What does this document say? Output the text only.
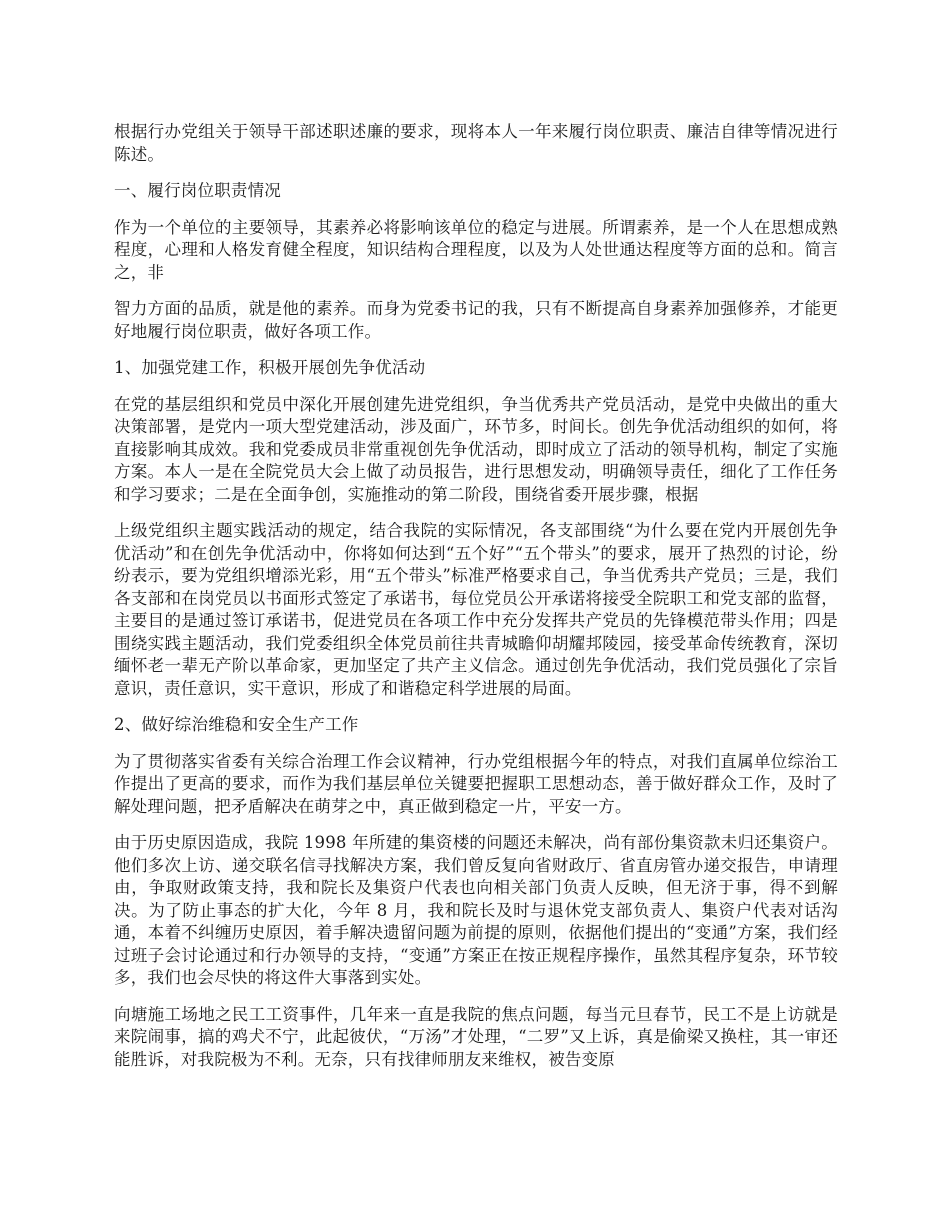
根据行办党组关于领导干部述职述廉的要求，现将本人一年来履行岗位职责、廉洁自律等情况进行陈述。

一、履行岗位职责情况

作为一个单位的主要领导，其素养必将影响该单位的稳定与进展。所谓素养，是一个人在思想成熟程度，心理和人格发育健全程度，知识结构合理程度，以及为人处世通达程度等方面的总和。简言之，非

智力方面的品质，就是他的素养。而身为党委书记的我，只有不断提高自身素养加强修养，才能更好地履行岗位职责，做好各项工作。

1、加强党建工作，积极开展创先争优活动

在党的基层组织和党员中深化开展创建先进党组织，争当优秀共产党员活动，是党中央做出的重大决策部署，是党内一项大型党建活动，涉及面广，环节多，时间长。创先争优活动组织的如何，将直接影响其成效。我和党委成员非常重视创先争优活动，即时成立了活动的领导机构，制定了实施方案。本人一是在全院党员大会上做了动员报告，进行思想发动，明确领导责任，细化了工作任务和学习要求；二是在全面争创，实施推动的第二阶段，围绕省委开展步骤，根据

上级党组织主题实践活动的规定，结合我院的实际情况，各支部围绕“为什么要在党内开展创先争优活动”和在创先争优活动中，你将如何达到“五个好”“五个带头”的要求，展开了热烈的讨论，纷纷表示，要为党组织增添光彩，用“五个带头”标准严格要求自己，争当优秀共产党员；三是，我们各支部和在岗党员以书面形式签定了承诺书，每位党员公开承诺将接受全院职工和党支部的监督，主要目的是通过签订承诺书，促进党员在各项工作中充分发挥共产党员的先锋模范带头作用；四是围绕实践主题活动，我们党委组织全体党员前往共青城瞻仰胡耀邦陵园，接受革命传统教育，深切缅怀老一辈无产阶以革命家，更加坚定了共产主义信念。通过创先争优活动，我们党员强化了宗旨意识，责任意识，实干意识，形成了和谐稳定科学进展的局面。

2、做好综治维稳和安全生产工作

为了贯彻落实省委有关综合治理工作会议精神，行办党组根据今年的特点，对我们直属单位综治工作提出了更高的要求，而作为我们基层单位关键要把握职工思想动态，善于做好群众工作，及时了解处理问题，把矛盾解决在萌芽之中，真正做到稳定一片，平安一方。

由于历史原因造成，我院 1998 年所建的集资楼的问题还未解决，尚有部份集资款未归还集资户。他们多次上访、递交联名信寻找解决方案，我们曾反复向省财政厅、省直房管办递交报告，申请理由，争取财政策支持，我和院长及集资户代表也向相关部门负责人反映，但无济于事，得不到解决。为了防止事态的扩大化，今年 8 月，我和院长及时与退休党支部负责人、集资户代表对话沟通，本着不纠缠历史原因，着手解决遗留问题为前提的原则，依据他们提出的“变通”方案，我们经过班子会讨论通过和行办领导的支持，“变通”方案正在按正规程序操作，虽然其程序复杂，环节较多，我们也会尽快的将这件大事落到实处。

向塘施工场地之民工工资事件，几年来一直是我院的焦点问题，每当元旦春节，民工不是上访就是来院闹事，搞的鸡犬不宁，此起彼伏，“万汤”才处理，“二罗”又上诉，真是偷梁又换柱，其一审还能胜诉，对我院极为不利。无奈，只有找律师朋友来维权，被告变原
